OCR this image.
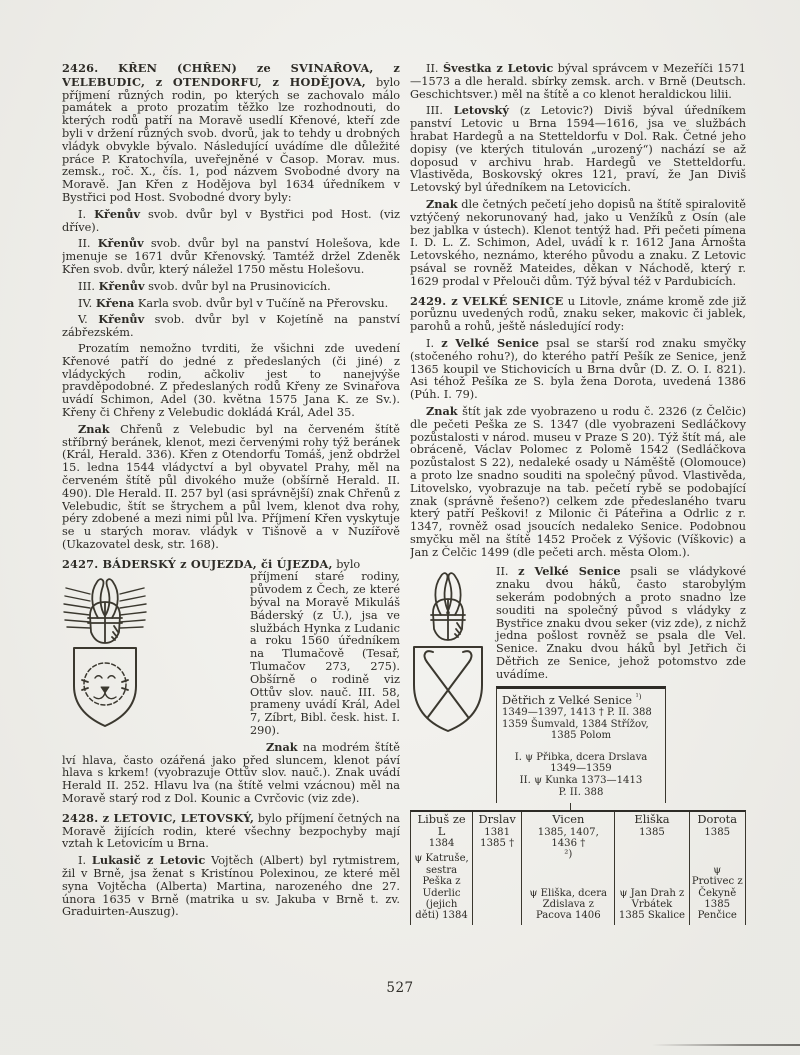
2426. KŘEN (CHŘEN) ze SVINAŘOVA, z VELEBUDIC, z OTENDORFU, z HODĚJOVA, bylo příjmení různých rodin, po kterých se zachovalo málo památek a proto prozatím těžko lze rozhodnouti, do kterých rodů patří na Moravě usedlí Křenové, kteří zde byli v držení různých svob. dvorů, jak to tehdy u drobných vládyk obvykle bývalo. Následující uvádíme dle důležité práce P. Kratochvíla, uveřejněné v Časop. Morav. mus. zemsk., roč. X., čís. 1, pod názvem Svobodné dvory na Moravě. Jan Křen z Hodějova byl 1634 úředníkem v Bystřici pod Host. Svobodné dvory byly:

I. Křenův svob. dvůr byl v Bystřici pod Host. (viz dříve).

II. Křenův svob. dvůr byl na panství Holešova, kde jmenuje se 1671 dvůr Křenovský. Tamtéž držel Zdeněk Křen svob. dvůr, který náležel 1750 městu Holešovu.

III. Křenův svob. dvůr byl na Prusinovicích.

IV. Křena Karla svob. dvůr byl v Tučíně na Přerovsku.

V. Křenův svob. dvůr byl v Kojetíně na panství zábřezském.

Prozatím nemožno tvrditi, že všichni zde uvedení Křenové patří do jedné z předeslaných (či jiné) z vládyckých rodin, ačkoliv jest to nanejvýše pravděpodobné. Z předeslaných rodů Křeny ze Svinařova uvádí Schimon, Adel (30. května 1575 Jana K. ze Sv.). Křeny či Chřeny z Velebudic dokládá Král, Adel 35.

Znak Chřenů z Velebudic byl na červeném štítě stříbrný beránek, klenot, mezi červenými rohy týž beránek (Král, Herald. 336). Křen z Otendorfu Tomáš, jenž obdržel 15. ledna 1544 vládyctví a byl obyvatel Prahy, měl na červeném štítě půl divokého muže (obšírně Herald. II. 490). Dle Herald. II. 257 byl (asi správnější) znak Chřenů z Velebudic, štít se štrychem a půl lvem, klenot dva rohy, péry zdobené a mezi nimi půl lva. Příjmení Křen vyskytuje se u starých morav. vládyk v Tišnově a v Nuzířově (Ukazovatel desk, str. 168).

2427. BÁDERSKÝ z OUJEZDA, či ÚJEZDA, bylo

příjmení staré rodiny, původem z Čech, ze které býval na Moravě Mikuláš Báderský (z Ú.), jsa ve službách Hynka z Ludanic a roku 1560 úředníkem na Tlumačově (Tesař, Tlumačov 273, 275). Obšírně o rodině viz Ottův slov. nauč. III. 58, prameny uvádí Král, Adel 7, Zíbrt, Bibl. česk. hist. I. 290).

Znak na modrém štítě lví hlava, často ozářená jako před sluncem, klenot páví hlava s krkem! (vyobrazuje Ottův slov. nauč.). Znak uvádí Herald II. 252. Hlavu lva (na štítě velmi vzácnou) měl na Moravě starý rod z Dol. Kounic a Cvrčovic (viz zde).

2428. z LETOVIC, LETOVSKÝ, bylo příjmení četných na Moravě žijících rodin, které všechny bezpochyby mají vztah k Letovicím u Brna.

I. Lukasič z Letovic Vojtěch (Albert) byl rytmistrem, žil v Brně, jsa ženat s Kristínou Polexinou, ze které měl syna Vojtěcha (Alberta) Martina, narozeného dne 27. února 1635 v Brně (matrika u sv. Jakuba v Brně t. zv. Graduirten-Auszug).

II. Švestka z Letovic býval správcem v Mezeříči 1571—1573 a dle herald. sbírky zemsk. arch. v Brně (Deutsch. Geschichtsver.) měl na štítě a co klenot heraldickou lilii.

III. Letovský (z Letovic?) Diviš býval úředníkem panství Letovic u Brna 1594—1616, jsa ve službách hrabat Hardegů a na Stetteldorfu v Dol. Rak. Četné jeho dopisy (ve kterých titulován „urozený“) nachází se až doposud v archivu hrab. Hardegů ve Stetteldorfu. Vlastivěda, Boskovský okres 121, praví, že Jan Diviš Letovský byl úředníkem na Letovicích.

Znak dle četných pečetí jeho dopisů na štítě spiralovitě vztýčený nekorunovaný had, jako u Venžíků z Osín (ale bez jablka v ústech). Klenot tentýž had. Při pečeti pímena I. D. L. Z. Schimon, Adel, uvádí k r. 1612 Jana Arnošta Letovského, neznámo, kterého původu a znaku. Z Letovic psával se rovněž Mateides, děkan v Náchodě, který r. 1629 prodal v Přelouči dům. Týž býval též v Pardubicích.

2429. z VELKÉ SENICE u Litovle, známe kromě zde již porůznu uvedených rodů, znaku seker, makovic či jablek, parohů a rohů, ještě následující rody:

I. z Velké Senice psal se starší rod znaku smyčky (stočeného rohu?), do kterého patří Pešík ze Senice, jenž 1365 koupil ve Stichovicích u Brna dvůr (D. Z. O. I. 821). Asi téhož Pešíka ze S. byla žena Dorota, uvedená 1386 (Púh. I. 79).

Znak štít jak zde vyobrazeno u rodu č. 2326 (z Čelčic) dle pečeti Peška ze S. 1347 (dle vyobrazeni Sedláčkovy pozůstalosti v národ. museu v Praze S 20). Týž štít má, ale obráceně, Václav Polomec z Polomě 1542 (Sedláčkova pozůstalost S 22), nedaleké osady u Náměště (Olomouce) a proto lze snadno souditi na společný původ. Vlastivěda, Litovelsko, vyobrazuje na tab. pečetí rybě se podobající znak (správně řešeno?) celkem zde předeslaného tvaru který patří Peškovi! z Milonic či Páteřina a Odrlic z r. 1347, rovněž osad jsoucích nedaleko Senice. Podobnou smyčku měl na štítě 1452 Proček z Výšovic (Víškovic) a Jan z Čelčic 1499 (dle pečeti arch. města Olom.).

II. z Velké Senice psali se vládykové znaku dvou háků, často starobylým sekerám podobných a proto snadno lze souditi na společný původ s vládyky z Bystřice znaku dvou seker (viz zde), z nichž jedna pošlost rovněž se psala dle Vel. Senice. Znaku dvou háků byl Jetřich či Dětřich ze Senice, jehož potomstvo zde uvádíme.

Dětřich z Velké Senice $^{^1)}$
1349—1397, 1413 † P. II. 388
1359 Šumvald, 1384 Střížov,
1385 Polom
I. ψ Přibka, dcera Drslava
1349—1359
II. ψ Kunka 1373—1413
P. II. 388
Libuš ze L
1384
ψ Katruše, sestra Peška z Uderlic (jejich děti) 1384
Drslav
1381
1385 †
Vicen
1385, 1407, 1436 †
²)
ψ Eliška, dcera Zdislava z Pacova 1406
Eliška
1385
ψ Jan Drah z Vrbátek 1385 Skalice
Dorota
1385
ψ Protivec z Čekyně 1385 Penčice
527
